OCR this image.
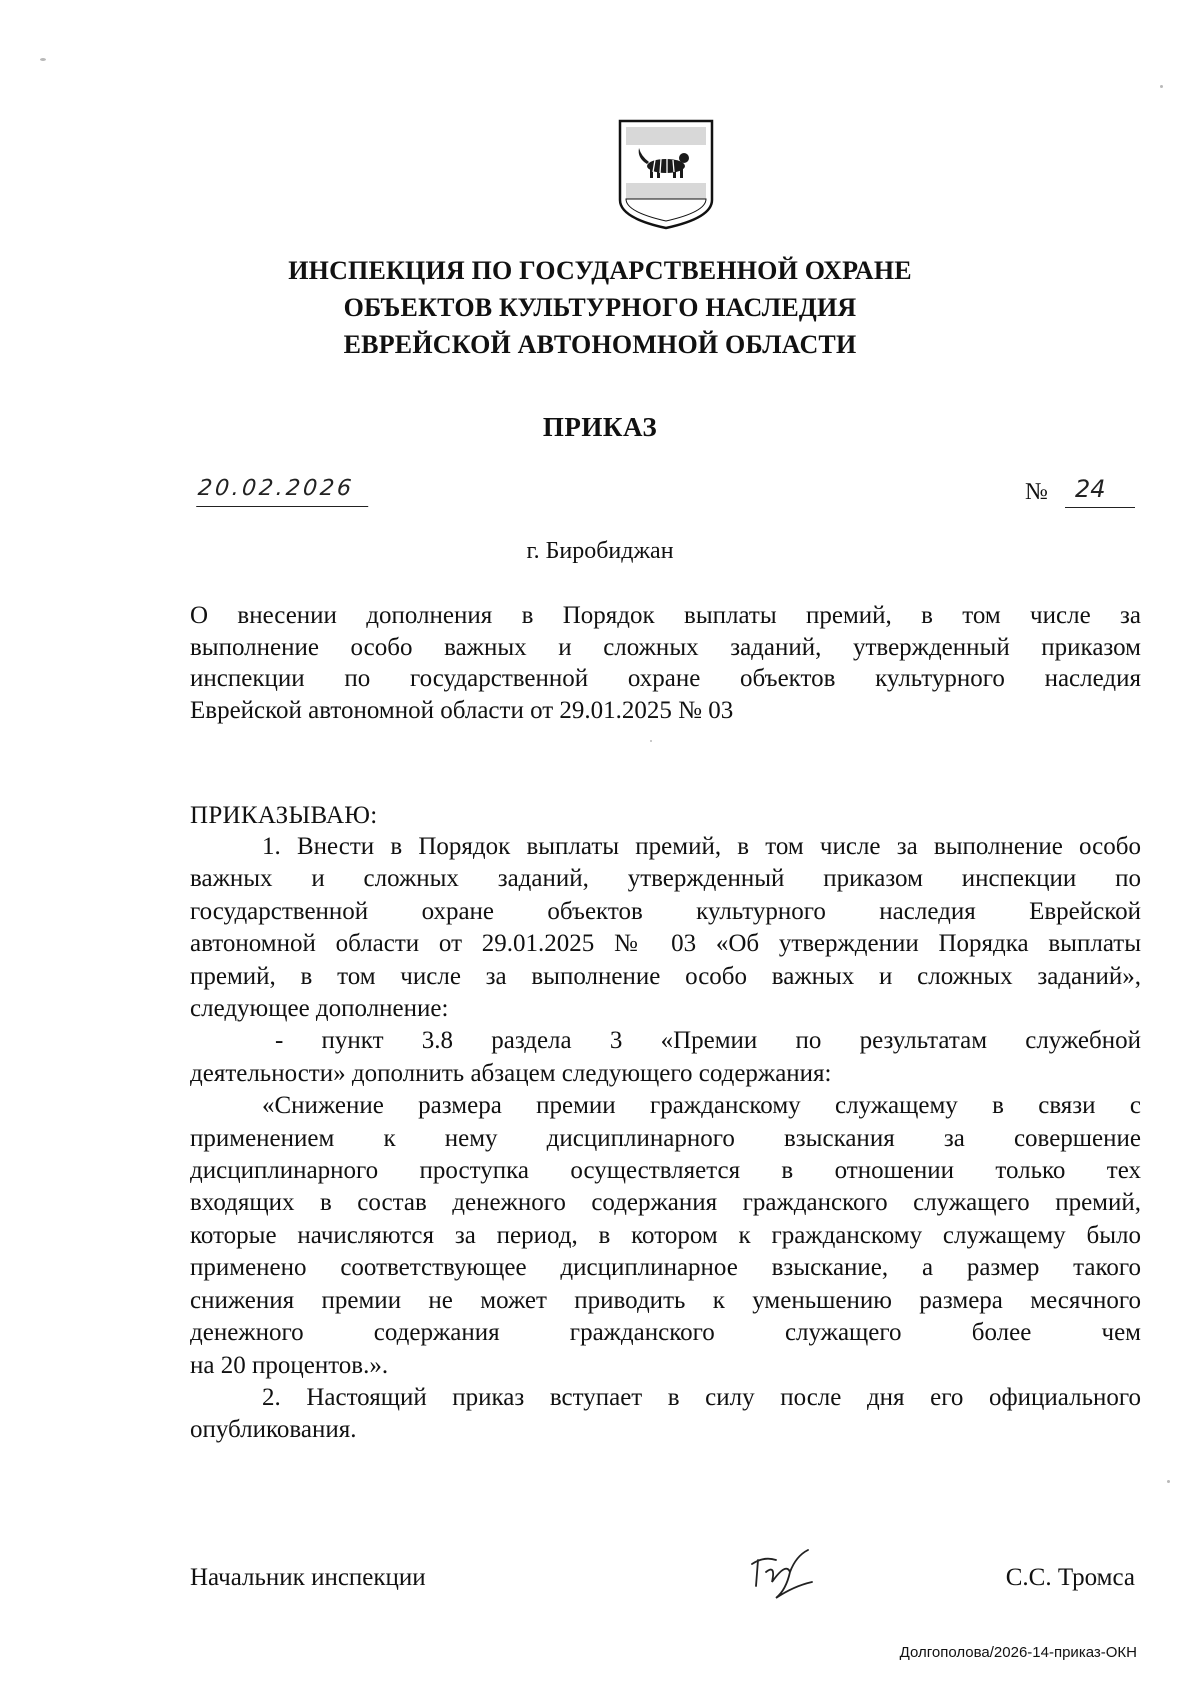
ИНСПЕКЦИЯ ПО ГОСУДАРСТВЕННОЙ ОХРАНЕ
ОБЪЕКТОВ КУЛЬТУРНОГО НАСЛЕДИЯ
ЕВРЕЙСКОЙ АВТОНОМНОЙ ОБЛАСТИ
ПРИКАЗ
20.02.2026	№	24
г. Биробиджан
О внесении дополнения в Порядок выплаты премий, в том числе за
выполнение особо важных и сложных заданий, утвержденный приказом
инспекции по государственной охране объектов культурного наследия
Еврейской автономной области от 29.01.2025 № 03
ПРИКАЗЫВАЮ:
1. Внести в Порядок выплаты премий, в том числе за выполнение особо
важных и сложных заданий, утвержденный приказом инспекции по
государственной охране объектов культурного наследия Еврейской
автономной области от 29.01.2025 № 03 «Об утверждении Порядка выплаты
премий, в том числе за выполнение особо важных и сложных заданий»,
следующее дополнение:
- пункт 3.8 раздела 3 «Премии по результатам служебной
деятельности» дополнить абзацем следующего содержания:
«Снижение размера премии гражданскому служащему в связи с
применением к нему дисциплинарного взыскания за совершение
дисциплинарного проступка осуществляется в отношении только тех
входящих в состав денежного содержания гражданского служащего премий,
которые начисляются за период, в котором к гражданскому служащему было
применено соответствующее дисциплинарное взыскание, а размер такого
снижения премии не может приводить к уменьшению размера месячного
денежного содержания гражданского служащего более чем
на 20 процентов.».
2. Настоящий приказ вступает в силу после дня его официального
опубликования.
Начальник инспекции	С.С. Тромса
Долгополова/2026-14-приказ-ОКН
